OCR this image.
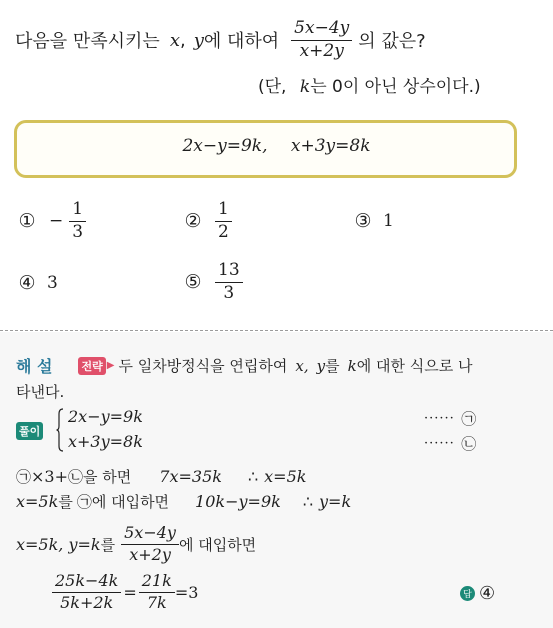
다음을 만족시키는 x , y 에 대하여 $\frac{5x-4y}{x+2y}$ 의 값은?
(단, k는 0이 아닌 상수이다.)
2x−y=9k, x+3y=8k
① − $\frac{1}{3}$	② $\frac{1}{2}$	③ 1
④ 3	⑤ $\frac{13}{3}$
해 설	전략 ▶ 두 일차방정식을 연립하여 x, y 를 k 에 대한 식으로 나
타낸다.
풀이
2x−y=9k
x+3y=8k
······ ㉠
······ ㉡
㉠ ×3+ ㉡ 을 하면 7x=35k ∴ x=5k
x=5k 를 ㉠ 에 대입하면 10k−y=9k ∴ y=k
x=5k, y=k 를 $\frac{5x-4y}{x+2y}$ 에 대입하면
$\frac{25k-4k}{5k+2k} = \frac{21k}{7k} =3$	답 ④
